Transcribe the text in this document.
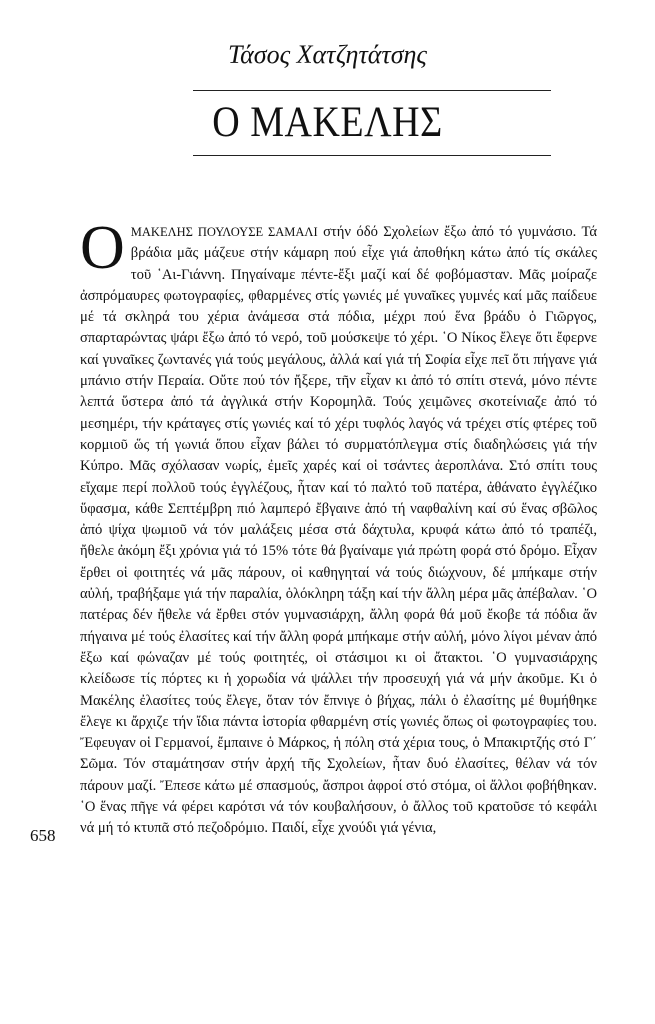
Τάσος Χατζητάτσης
Ο ΜΑΚΕΛΗΣ
ΟΜΑΚΕΛΗΣ ΠΟΥΛΟΥΣΕ ΣΑΜΑΛΙ στήν όδό Σχολείων ἔξω ἀπό τό γυμνάσιο. Τά βράδια μᾶς μάζευε στήν κάμαρη πού εἶχε γιά ἀποθήκη κάτω ἀπό τίς σκάλες τοῦ ῾Αι-Γιάννη. Πηγαίναμε πέντε-ἔξι μαζί καί δέ φοβόμασταν. Μᾶς μοίραζε ἀσπρόμαυρες φωτογραφίες, φθαρμένες στίς γωνιές μέ γυναῖκες γυμνές καί μᾶς παίδευε μέ τά σκληρά του χέρια ἀνάμεσα στά πόδια, μέχρι πού ἕνα βράδυ ὁ Γιῶργος, σπαρταρώντας ψάρι ἔξω ἀπό τό νερό, τοῦ μούσκεψε τό χέρι. ῾Ο Νίκος ἔλεγε ὅτι ἔφερνε καί γυναῖκες ζωντανές γιά τούς μεγάλους, ἀλλά καί γιά τή Σοφία εἶχε πεῖ ὅτι πήγανε γιά μπάνιο στήν Περαία. Οὔτε πού τόν ἤξερε, τῆν εἶχαν κι ἀπό τό σπίτι στενά, μόνο πέντε λεπτά ὕστερα ἀπό τά ἀγγλικά στήν Κορομηλᾶ. Τούς χειμῶνες σκοτείνιαζε ἀπό τό μεσημέρι, τήν κράταγες στίς γωνιές καί τό χέρι τυφλός λαγός νά τρέχει στίς φτέρες τοῦ κορμιοῦ ὥς τή γωνιά ὅπου εἶχαν βάλει τό συρματόπλεγμα στίς διαδηλώσεις γιά τήν Κύπρο. Μᾶς σχόλασαν νωρίς, ἐμεῖς χαρές καί οἱ τσάντες ἀεροπλάνα. Στό σπίτι τους εἴχαμε περί πολλοῦ τούς ἐγγλέζους, ἦταν καί τό παλτό τοῦ πατέρα, ἀθάνατο ἐγγλέζικο ὕφασμα, κάθε Σεπτέμβρη πιό λαμπερό ἔβγαινε ἀπό τή ναφθαλίνη καί σύ ἕνας σβῶλος ἀπό ψίχα ψωμιοῦ νά τόν μαλάξεις μέσα στά δάχτυλα, κρυφά κάτω ἀπό τό τραπέζι, ἤθελε ἀκόμη ἔξι χρόνια γιά τό 15% τότε θά βγαίναμε γιά πρώτη φορά στό δρόμο. Εἶχαν ἔρθει οἱ φοιτητές νά μᾶς πάρουν, οἱ καθηγηταί νά τούς διώχνουν, δέ μπήκαμε στήν αὐλή, τραβήξαμε γιά τήν παραλία, ὁλόκληρη τάξη καί τήν ἄλλη μέρα μᾶς ἀπέβαλαν. ῾Ο πατέρας δέν ἤθελε νά ἔρθει στόν γυμνασιάρχη, ἄλλη φορά θά μοῦ ἔκοβε τά πόδια ἄν πήγαινα μέ τούς ἐλασίτες καί τήν ἄλλη φορά μπήκαμε στήν αὐλή, μόνο λίγοι μέναν ἀπό ἔξω καί φώναζαν μέ τούς φοιτητές, οἱ στάσιμοι κι οἱ ἄτακτοι. ῾Ο γυμνασιάρχης κλείδωσε τίς πόρτες κι ἡ χορωδία νά ψάλλει τήν προσευχή γιά νά μήν ἀκοῦμε. Κι ὁ Μακέλης ἐλασίτες τούς ἔλεγε, ὅταν τόν ἔπνιγε ὁ βήχας, πάλι ὁ ἐλασίτης μέ θυμήθηκε ἔλεγε κι ἄρχιζε τήν ἴδια πάντα ἱστορία φθαρμένη στίς γωνιές ὅπως οἱ φωτογραφίες του. Ἔφευγαν οἱ Γερμανοί, ἔμπαινε ὁ Μάρκος, ἡ πόλη στά χέρια τους, ὁ Μπακιρτζής στό Γ΄ Σῶμα. Τόν σταμάτησαν στήν ἀρχή τῆς Σχολείων, ἦταν δυό ἐλασίτες, θέλαν νά τόν πάρουν μαζί. Ἔπεσε κάτω μέ σπασμούς, ἄσπροι ἀφροί στό στόμα, οἱ ἄλλοι φοβήθηκαν. ῾Ο ἕνας πῆγε νά φέρει καρότσι νά τόν κουβαλήσουν, ὁ ἄλλος τοῦ κρατοῦσε τό κεφάλι νά μή τό κτυπᾶ στό πεζοδρόμιο. Παιδί, εἶχε χνούδι γιά γένια,
658
